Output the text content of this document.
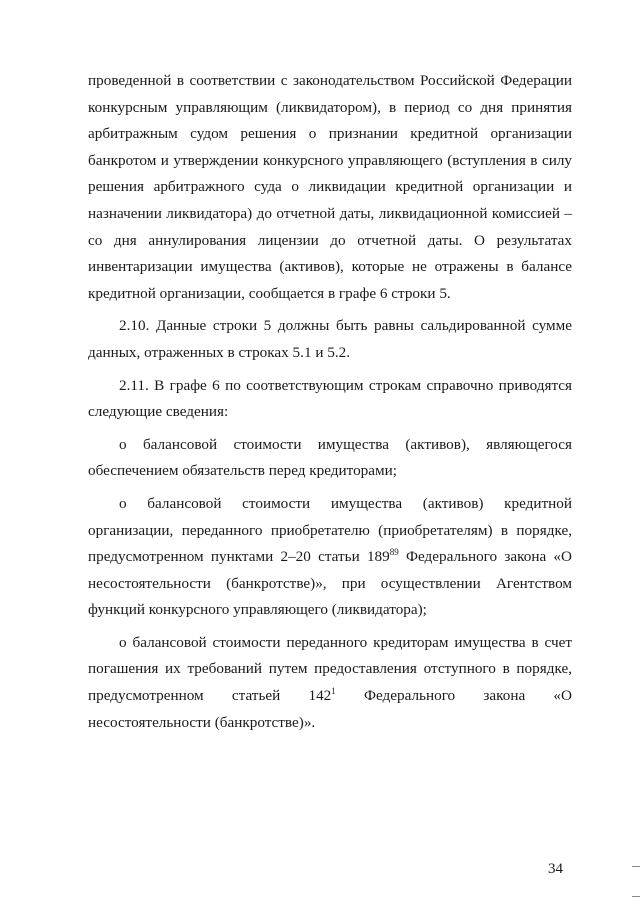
проведенной в соответствии с законодательством Российской Федерации конкурсным управляющим (ликвидатором), в период со дня принятия арбитражным судом решения о признании кредитной организации банкротом и утверждении конкурсного управляющего (вступления в силу решения арбитражного суда о ликвидации кредитной организации и назначении ликвидатора) до отчетной даты, ликвидационной комиссией – со дня аннулирования лицензии до отчетной даты. О результатах инвентаризации имущества (активов), которые не отражены в балансе кредитной организации, сообщается в графе 6 строки 5.

2.10. Данные строки 5 должны быть равны сальдированной сумме данных, отраженных в строках 5.1 и 5.2.

2.11. В графе 6 по соответствующим строкам справочно приводятся следующие сведения:

о балансовой стоимости имущества (активов), являющегося обеспечением обязательств перед кредиторами;

о балансовой стоимости имущества (активов) кредитной организации, переданного приобретателю (приобретателям) в порядке, предусмотренном пунктами 2–20 статьи $189^{89}$ Федерального закона «О несостоятельности (банкротстве)», при осуществлении Агентством функций конкурсного управляющего (ликвидатора);

о балансовой стоимости переданного кредиторам имущества в счет погашения их требований путем предоставления отступного в порядке, предусмотренном статьей $142^1$ Федерального закона «О несостоятельности (банкротстве)».

34
